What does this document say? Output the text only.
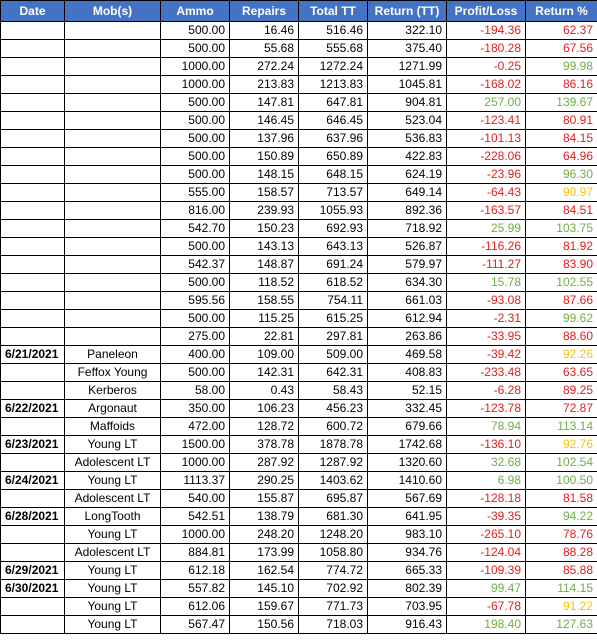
Date	Mob(s)	Ammo	Repairs	Total TT	Return (TT)	Profit/Loss	Return %
		500.00	16.46	516.46	322.10	-194.36	62.37
		500.00	55.68	555.68	375.40	-180.28	67.56
		1000.00	272.24	1272.24	1271.99	-0.25	99.98
		1000.00	213.83	1213.83	1045.81	-168.02	86.16
		500.00	147.81	647.81	904.81	257.00	139.67
		500.00	146.45	646.45	523.04	-123.41	80.91
		500.00	137.96	637.96	536.83	-101.13	84.15
		500.00	150.89	650.89	422.83	-228.06	64.96
		500.00	148.15	648.15	624.19	-23.96	96.30
		555.00	158.57	713.57	649.14	-64.43	90.97
		816.00	239.93	1055.93	892.36	-163.57	84.51
		542.70	150.23	692.93	718.92	25.99	103.75
		500.00	143.13	643.13	526.87	-116.26	81.92
		542.37	148.87	691.24	579.97	-111.27	83.90
		500.00	118.52	618.52	634.30	15.78	102.55
		595.56	158.55	754.11	661.03	-93.08	87.66
		500.00	115.25	615.25	612.94	-2.31	99.62
		275.00	22.81	297.81	263.86	-33.95	88.60
6/21/2021	Paneleon	400.00	109.00	509.00	469.58	-39.42	92.26
	Feffox Young	500.00	142.31	642.31	408.83	-233.48	63.65
	Kerberos	58.00	0.43	58.43	52.15	-6.28	89.25
6/22/2021	Argonaut	350.00	106.23	456.23	332.45	-123.78	72.87
	Maffoids	472.00	128.72	600.72	679.66	78.94	113.14
6/23/2021	Young LT	1500.00	378.78	1878.78	1742.68	-136.10	92.76
	Adolescent LT	1000.00	287.92	1287.92	1320.60	32.68	102.54
6/24/2021	Young LT	1113.37	290.25	1403.62	1410.60	6.98	100.50
	Adolescent LT	540.00	155.87	695.87	567.69	-128.18	81.58
6/28/2021	LongTooth	542.51	138.79	681.30	641.95	-39.35	94.22
	Young LT	1000.00	248.20	1248.20	983.10	-265.10	78.76
	Adolescent LT	884.81	173.99	1058.80	934.76	-124.04	88.28
6/29/2021	Young LT	612.18	162.54	774.72	665.33	-109.39	85.88
6/30/2021	Young LT	557.82	145.10	702.92	802.39	99.47	114.15
	Young LT	612.06	159.67	771.73	703.95	-67.78	91.22
	Young LT	567.47	150.56	718.03	916.43	198.40	127.63
